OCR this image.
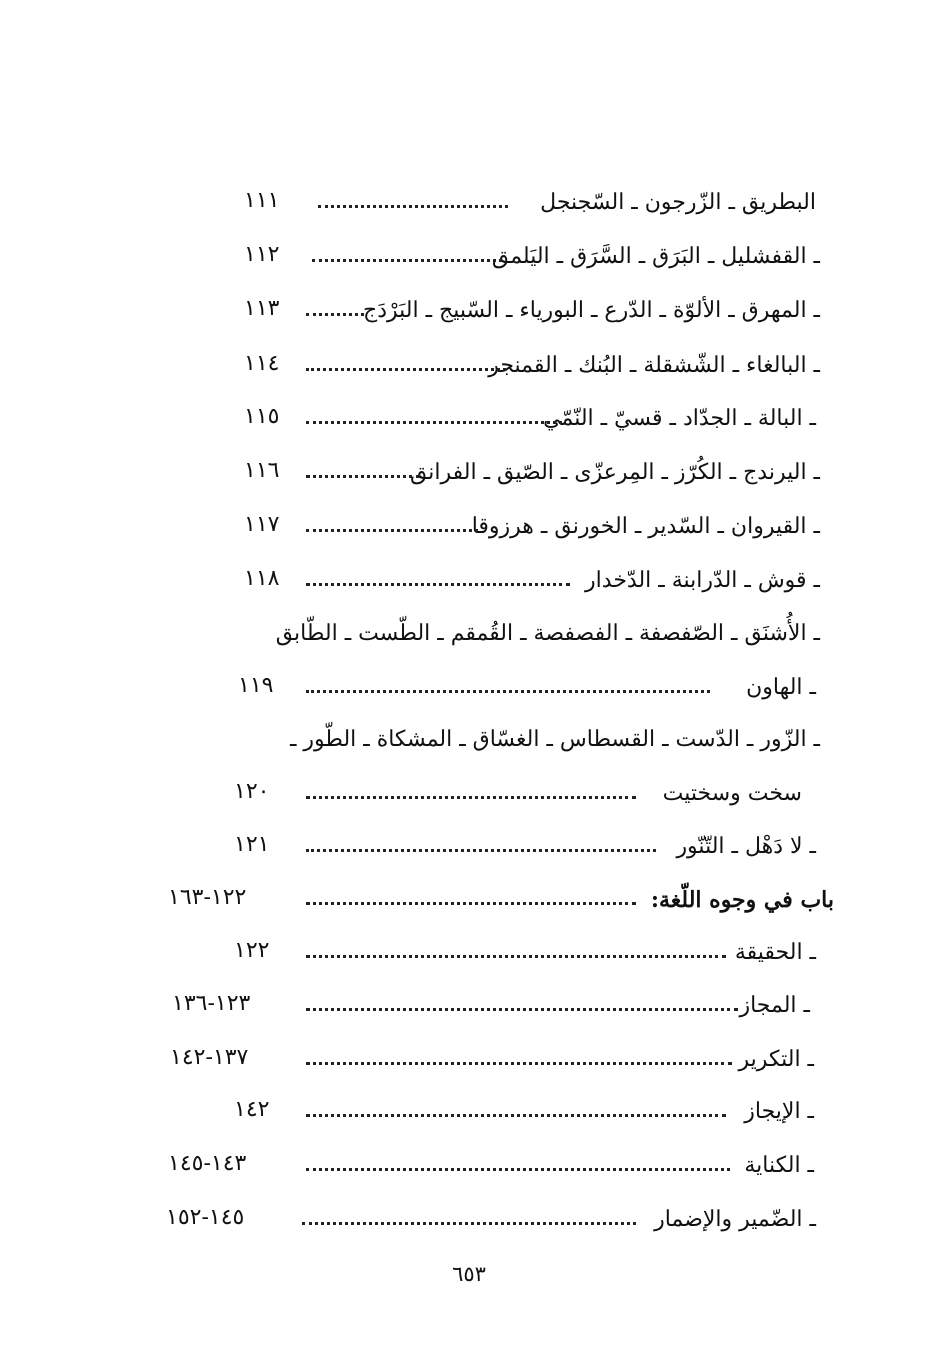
البطريق ـ الزّرجون ـ السّجنجل
١١١
ـ القفشليل ـ البَرَق ـ السَّرَق ـ اليَلمق
١١٢
ـ المهرق ـ الألوّة ـ الدّرع ـ البورياء ـ السّبيج ـ البَرْدَج
١١٣
ـ البالغاء ـ الشّشقلة ـ البُنك ـ القمنجر
١١٤
ـ البالة ـ الجدّاد ـ قسيّ ـ النّمّي
١١٥
ـ اليرندج ـ الكُرّز ـ المِرعزّى ـ الصّيق ـ الفرانق
١١٦
ـ القيروان ـ السّدير ـ الخورنق ـ هرزوقا
١١٧
ـ قوش ـ الدّرابنة ـ الدّخدار
١١٨
ـ الأُشنَق ـ الصّفصفة ـ الفصفصة ـ القُمقم ـ الطّست ـ الطّابق
ـ الهاون
١١٩
ـ الزّور ـ الدّست ـ القسطاس ـ الغسّاق ـ المشكاة ـ الطّور ـ
سخت وسختيت
١٢٠
ـ لا دَهْل ـ التّنّور
١٢١
باب في وجوه اللّغة:
١٢٢-١٦٣
ـ الحقيقة
١٢٢
ـ المجاز
١٢٣-١٣٦
ـ التكرير
١٣٧-١٤٢
ـ الإيجاز
١٤٢
ـ الكناية
١٤٣-١٤٥
ـ الضّمير والإضمار
١٤٥-١٥٢
٦٥٣
